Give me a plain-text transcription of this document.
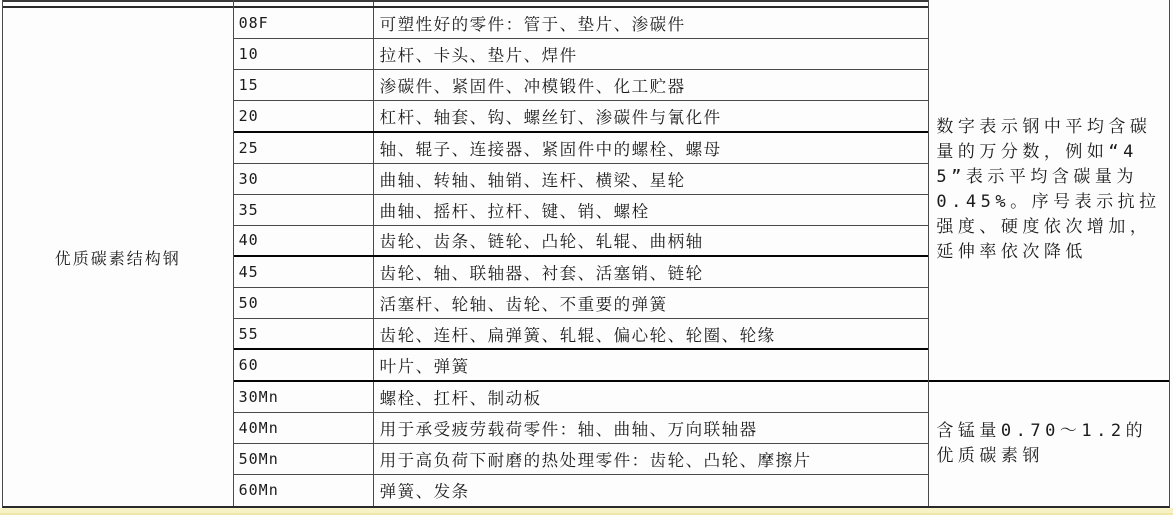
优质碳素结构钢
08F	可塑性好的零件：管于、垫片、渗碳件
10	拉杆、卡头、垫片、焊件
15	渗碳件、紧固件、冲模锻件、化工贮器
20	杠杆、轴套、钩、螺丝钉、渗碳件与氰化件
25	轴、辊子、连接器、紧固件中的螺栓、螺母
30	曲轴、转轴、轴销、连杆、横梁、星轮
35	曲轴、摇杆、拉杆、键、销、螺栓
40	齿轮、齿条、链轮、凸轮、轧辊、曲柄轴
45	齿轮、轴、联轴器、衬套、活塞销、链轮
50	活塞杆、轮轴、齿轮、不重要的弹簧
55	齿轮、连杆、扁弹簧、轧辊、偏心轮、轮圈、轮缘
60	叶片、弹簧
30Mn	螺栓、扛杆、制动板
40Mn	用于承受疲劳载荷零件：轴、曲轴、万向联轴器
50Mn	用于高负荷下耐磨的热处理零件：齿轮、凸轮、摩擦片
60Mn	弹簧、发条
数字表示钢中平均含碳量的万分数，例如“45”表示平均含碳量为0.45%。序号表示抗拉强度、硬度依次增加，延伸率依次降低
含锰量0.70～1.2的优质碳素钢
